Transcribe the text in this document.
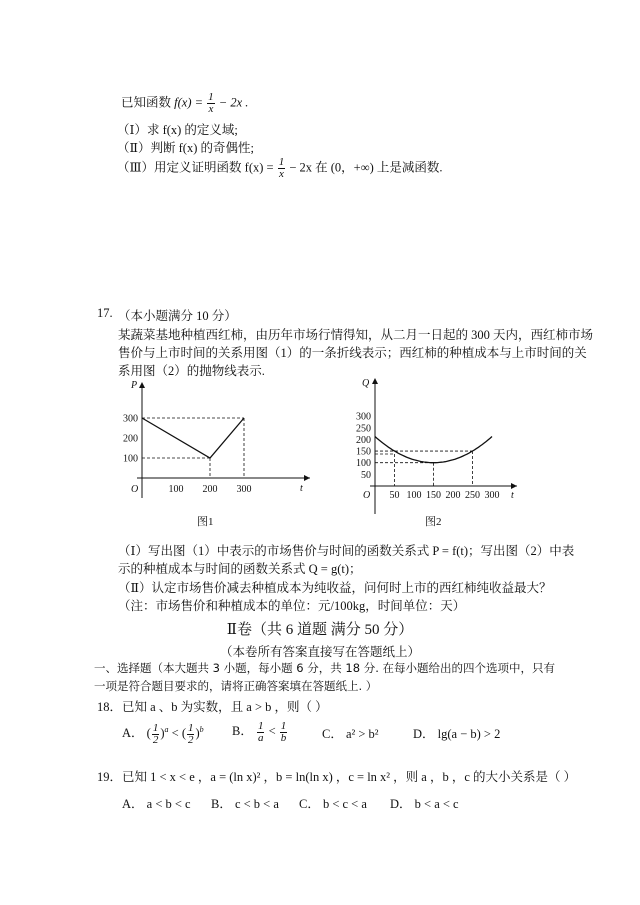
已知函数 $f(x) = \frac{1}{x} - 2x$ .
（Ⅰ）求 f(x) 的定义域;
（Ⅱ）判断 f(x) 的奇偶性;
（Ⅲ）用定义证明函数 $f(x) = \frac{1}{x} - 2x$ 在 (0，+∞) 上是减函数.
17. （本小题满分 10 分）
某蔬菜基地种植西红柿，由历年市场行情得知，从二月一日起的 300 天内，西红柿市场
售价与上市时间的关系用图（1）的一条折线表示；西红柿的种植成本与上市时间的关
系用图（2）的抛物线表示.
P
t
O	100 200 300
100
200
300
图1
Q
t
O 50 100 150 200 250 300
50
100
150
200
250
300
图2
（Ⅰ）写出图（1）中表示的市场售价与时间的函数关系式 P = f(t)；写出图（2）中表
示的种植成本与时间的函数关系式 Q = g(t)；
（Ⅱ）认定市场售价减去种植成本为纯收益，问何时上市的西红柿纯收益最大？
（注：市场售价和种植成本的单位：元/100kg，时间单位：天）
Ⅱ卷（共 6 道题 满分 50 分）
（本卷所有答案直接写在答题纸上）
一、选择题（本大题共 3 小题，每小题 6 分，共 18 分. 在每小题给出的四个选项中，只有
一项是符合题目要求的，请将正确答案填在答题纸上. ）
18．已知 a 、b 为实数，且 a > b ，则（ ）
A． ( $\frac{1}{2} )^a$ < ( $\frac{1}{2} )^b$ B． $\frac{1}{a} < \frac{1}{b}$	C． a² > b²	D． lg(a − b) > 2
19．已知 1 < x < e ，a = (ln x)² ，b = ln(ln x) ，c = ln x² ，则 a ，b ，c 的大小关系是（ ）
A． a < b < c B． c < b < a C． b < c < a D． b < a < c
